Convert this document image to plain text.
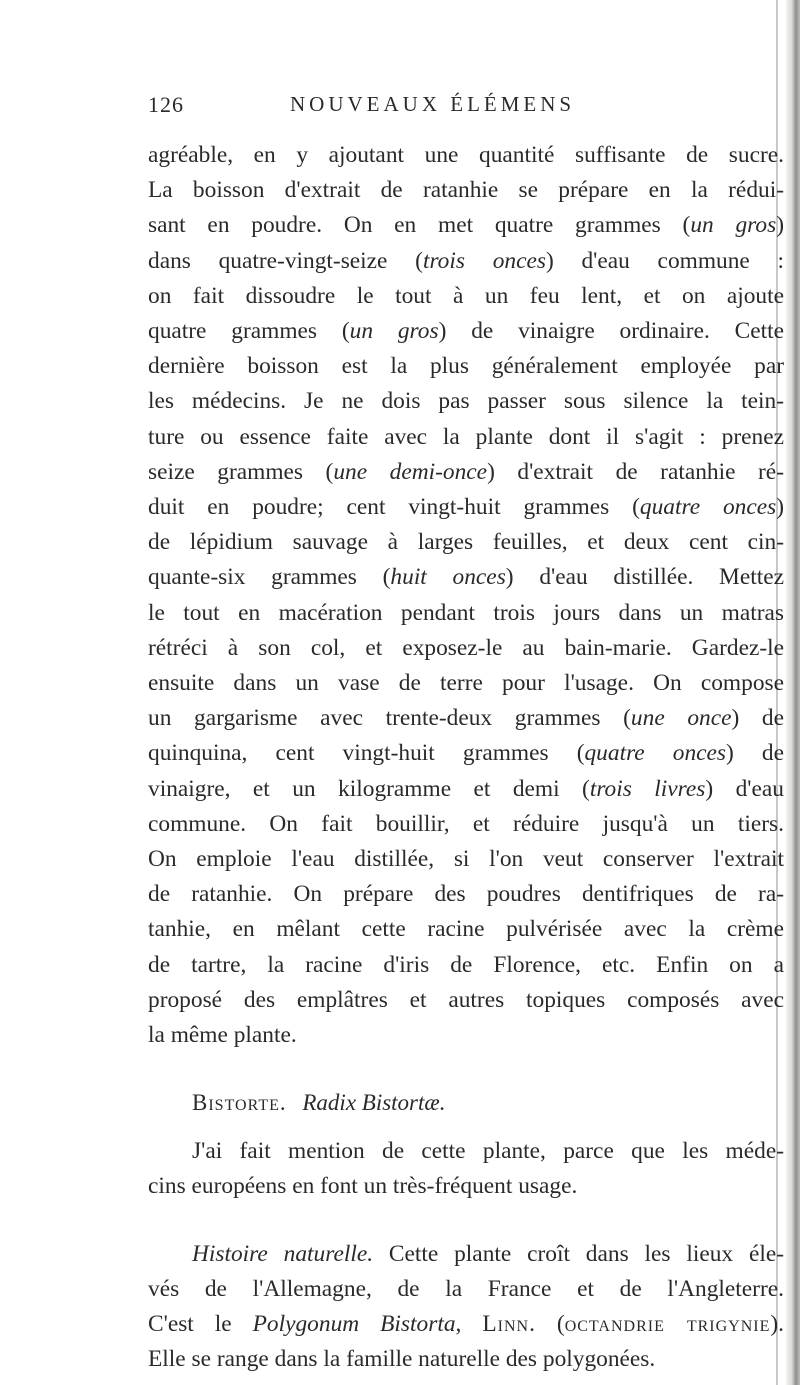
126	NOUVEAUX ÉLÉMENS

agréable, en y ajoutant une quantité suffisante de sucre.

La boisson d'extrait de ratanhie se prépare en la rédui-

sant en poudre. On en met quatre grammes (un gros)

dans quatre-vingt-seize (trois onces) d'eau commune :

on fait dissoudre le tout à un feu lent, et on ajoute

quatre grammes (un gros) de vinaigre ordinaire. Cette

dernière boisson est la plus généralement employée par

les médecins. Je ne dois pas passer sous silence la tein-

ture ou essence faite avec la plante dont il s'agit : prenez

seize grammes (une demi-once) d'extrait de ratanhie ré-

duit en poudre; cent vingt-huit grammes (quatre onces)

de lépidium sauvage à larges feuilles, et deux cent cin-

quante-six grammes (huit onces) d'eau distillée. Mettez

le tout en macération pendant trois jours dans un matras

rétréci à son col, et exposez-le au bain-marie. Gardez-le

ensuite dans un vase de terre pour l'usage. On compose

un gargarisme avec trente-deux grammes (une once) de

quinquina, cent vingt-huit grammes (quatre onces) de

vinaigre, et un kilogramme et demi (trois livres) d'eau

commune. On fait bouillir, et réduire jusqu'à un tiers.

On emploie l'eau distillée, si l'on veut conserver l'extrait

de ratanhie. On prépare des poudres dentifriques de ra-

tanhie, en mêlant cette racine pulvérisée avec la crème

de tartre, la racine d'iris de Florence, etc. Enfin on a

proposé des emplâtres et autres topiques composés avec

la même plante.

Bistorte. Radix Bistortæ.

J'ai fait mention de cette plante, parce que les méde-

cins européens en font un très-fréquent usage.

Histoire naturelle. Cette plante croît dans les lieux éle-

vés de l'Allemagne, de la France et de l'Angleterre.

C'est le Polygonum Bistorta, Linn. (octandrie trigynie).

Elle se range dans la famille naturelle des polygonées.
